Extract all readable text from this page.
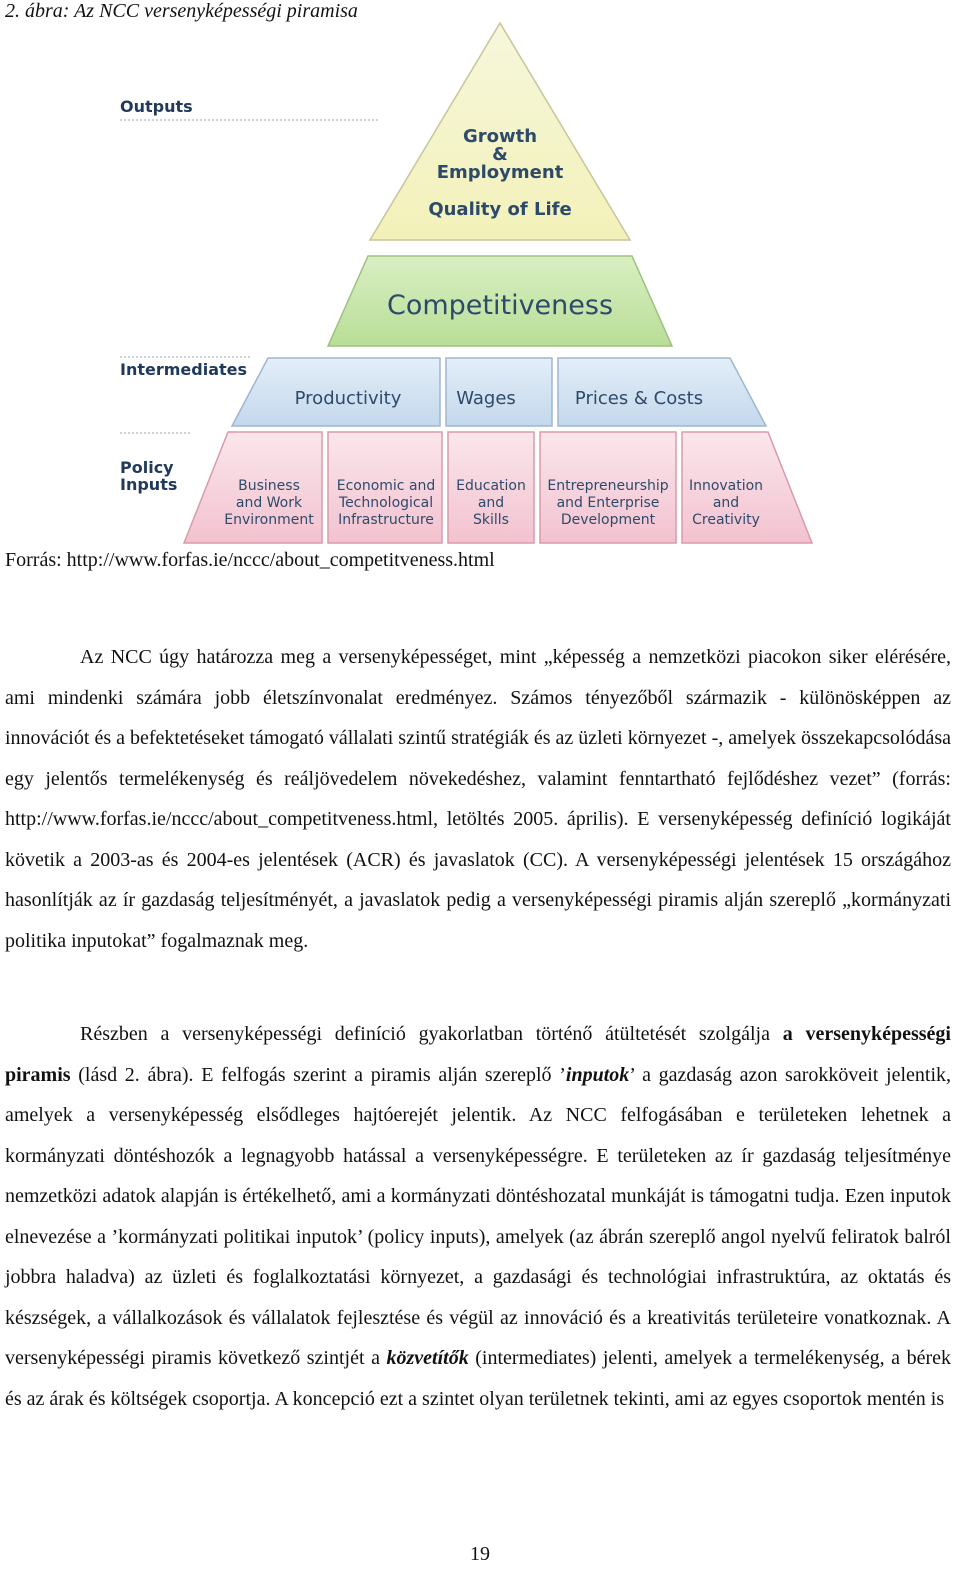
2. ábra: Az NCC versenyképességi piramisa
Outputs
Intermediates
Policy
Inputs
Growth
&
Employment
Quality of Life
Competitiveness
Productivity	Wages	Prices & Costs
Business
and Work
Environment
Economic and
Technological
Infrastructure
Education
and
Skills
Entrepreneurship
and Enterprise
Development
Innovation
and
Creativity

Forrás: http://www.forfas.ie/nccc/about_competitveness.html

Az NCC úgy határozza meg a versenyképességet, mint „képesség a nemzetközi piacokon siker elérésére, ami mindenki számára jobb életszínvonalat eredményez. Számos tényezőből származik - különösképpen az innovációt és a befektetéseket támogató vállalati szintű stratégiák és az üzleti környezet -, amelyek összekapcsolódása egy jelentős termelékenység és reáljövedelem növekedéshez, valamint fenntartható fejlődéshez vezet” (forrás: http://www.forfas.ie/nccc/about_competitveness.html, letöltés 2005. április). E versenyképesség definíció logikáját követik a 2003-as és 2004-es jelentések (ACR) és javaslatok (CC). A versenyképességi jelentések 15 országához hasonlítják az ír gazdaság teljesítményét, a javaslatok pedig a versenyképességi piramis alján szereplő „kormányzati politika inputokat” fogalmaznak meg.

Részben a versenyképességi definíció gyakorlatban történő átültetését szolgálja a versenyképességi piramis (lásd 2. ábra). E felfogás szerint a piramis alján szereplő ’inputok’ a gazdaság azon sarokköveit jelentik, amelyek a versenyképesség elsődleges hajtóerejét jelentik. Az NCC felfogásában e területeken lehetnek a kormányzati döntéshozók a legnagyobb hatással a versenyképességre. E területeken az ír gazdaság teljesítménye nemzetközi adatok alapján is értékelhető, ami a kormányzati döntéshozatal munkáját is támogatni tudja. Ezen inputok elnevezése a ’kormányzati politikai inputok’ (policy inputs), amelyek (az ábrán szereplő angol nyelvű feliratok balról jobbra haladva) az üzleti és foglalkoztatási környezet, a gazdasági és technológiai infrastruktúra, az oktatás és készségek, a vállalkozások és vállalatok fejlesztése és végül az innováció és a kreativitás területeire vonatkoznak. A versenyképességi piramis következő szintjét a közvetítők (intermediates) jelenti, amelyek a termelékenység, a bérek és az árak és költségek csoportja. A koncepció ezt a szintet olyan területnek tekinti, ami az egyes csoportok mentén is

19
